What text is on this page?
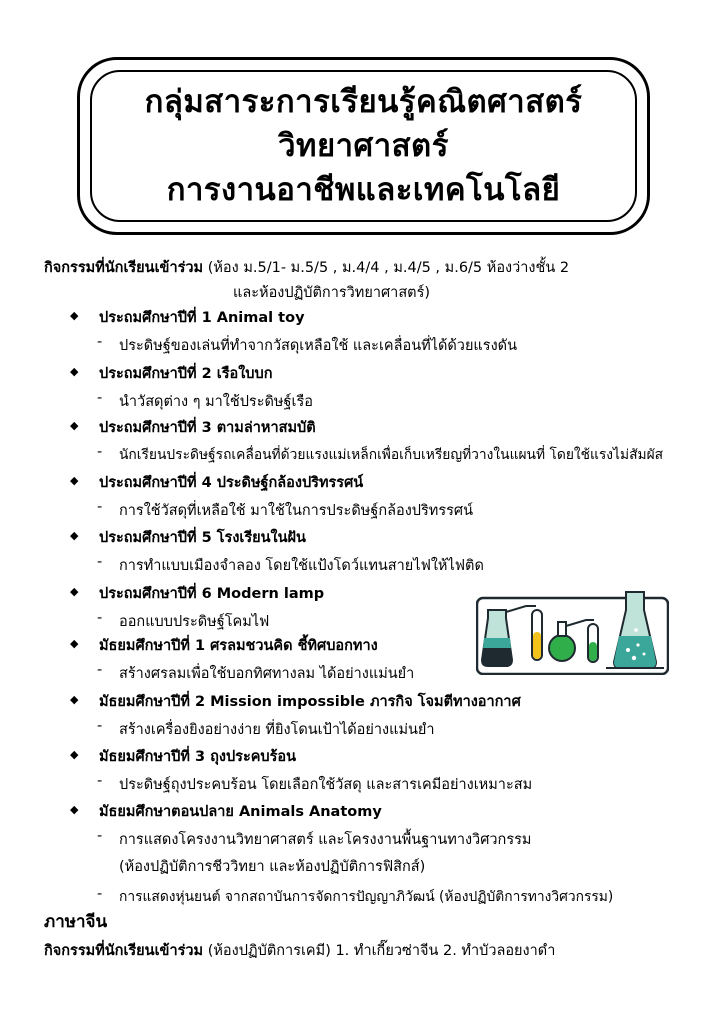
กลุ่มสาระการเรียนรู้คณิตศาสตร์
วิทยาศาสตร์
การงานอาชีพและเทคโนโลยี
กิจกรรมที่นักเรียนเข้าร่วม (ห้อง ม.5/1- ม.5/5 , ม.4/4 , ม.4/5 , ม.6/5 ห้องว่างชั้น 2
และห้องปฏิบัติการวิทยาศาสตร์)
◆ ประถมศึกษาปีที่ 1 Animal toy
- ประดิษฐ์ของเล่นที่ทำจากวัสดุเหลือใช้ และเคลื่อนที่ได้ด้วยแรงดัน
◆ ประถมศึกษาปีที่ 2 เรือใบบก
- นำวัสดุต่าง ๆ มาใช้ประดิษฐ์เรือ
◆ ประถมศึกษาปีที่ 3 ตามล่าหาสมบัติ
- นักเรียนประดิษฐ์รถเคลื่อนที่ด้วยแรงแม่เหล็กเพื่อเก็บเหรียญที่วางในแผนที่ โดยใช้แรงไม่สัมผัส
◆ ประถมศึกษาปีที่ 4 ประดิษฐ์กล้องปริทรรศน์
- การใช้วัสดุที่เหลือใช้ มาใช้ในการประดิษฐ์กล้องปริทรรศน์
◆ ประถมศึกษาปีที่ 5 โรงเรียนในฝัน
- การทำแบบเมืองจำลอง โดยใช้แป้งโดว์แทนสายไฟให้ไฟติด
◆ ประถมศึกษาปีที่ 6 Modern lamp
- ออกแบบประดิษฐ์โคมไฟ
◆ มัธยมศึกษาปีที่ 1 ศรลมชวนคิด ชี้ทิศบอกทาง
- สร้างศรลมเพื่อใช้บอกทิศทางลม ได้อย่างแม่นยำ
◆ มัธยมศึกษาปีที่ 2 Mission impossible ภารกิจ โจมตีทางอากาศ
- สร้างเครื่องยิงอย่างง่าย ที่ยิงโดนเป้าได้อย่างแม่นยำ
◆ มัธยมศึกษาปีที่ 3 ถุงประคบร้อน
- ประดิษฐ์ถุงประคบร้อน โดยเลือกใช้วัสดุ และสารเคมีอย่างเหมาะสม
◆ มัธยมศึกษาตอนปลาย Animals Anatomy
- การแสดงโครงงานวิทยาศาสตร์ และโครงงานพื้นฐานทางวิศวกรรม
(ห้องปฏิบัติการชีววิทยา และห้องปฏิบัติการฟิสิกส์)
- การแสดงหุ่นยนต์ จากสถาบันการจัดการปัญญาภิวัฒน์ (ห้องปฏิบัติการทางวิศวกรรม)
ภาษาจีน
กิจกรรมที่นักเรียนเข้าร่วม (ห้องปฏิบัติการเคมี) 1. ทำเกี๊ยวซ่าจีน 2. ทำบัวลอยงาดำ
